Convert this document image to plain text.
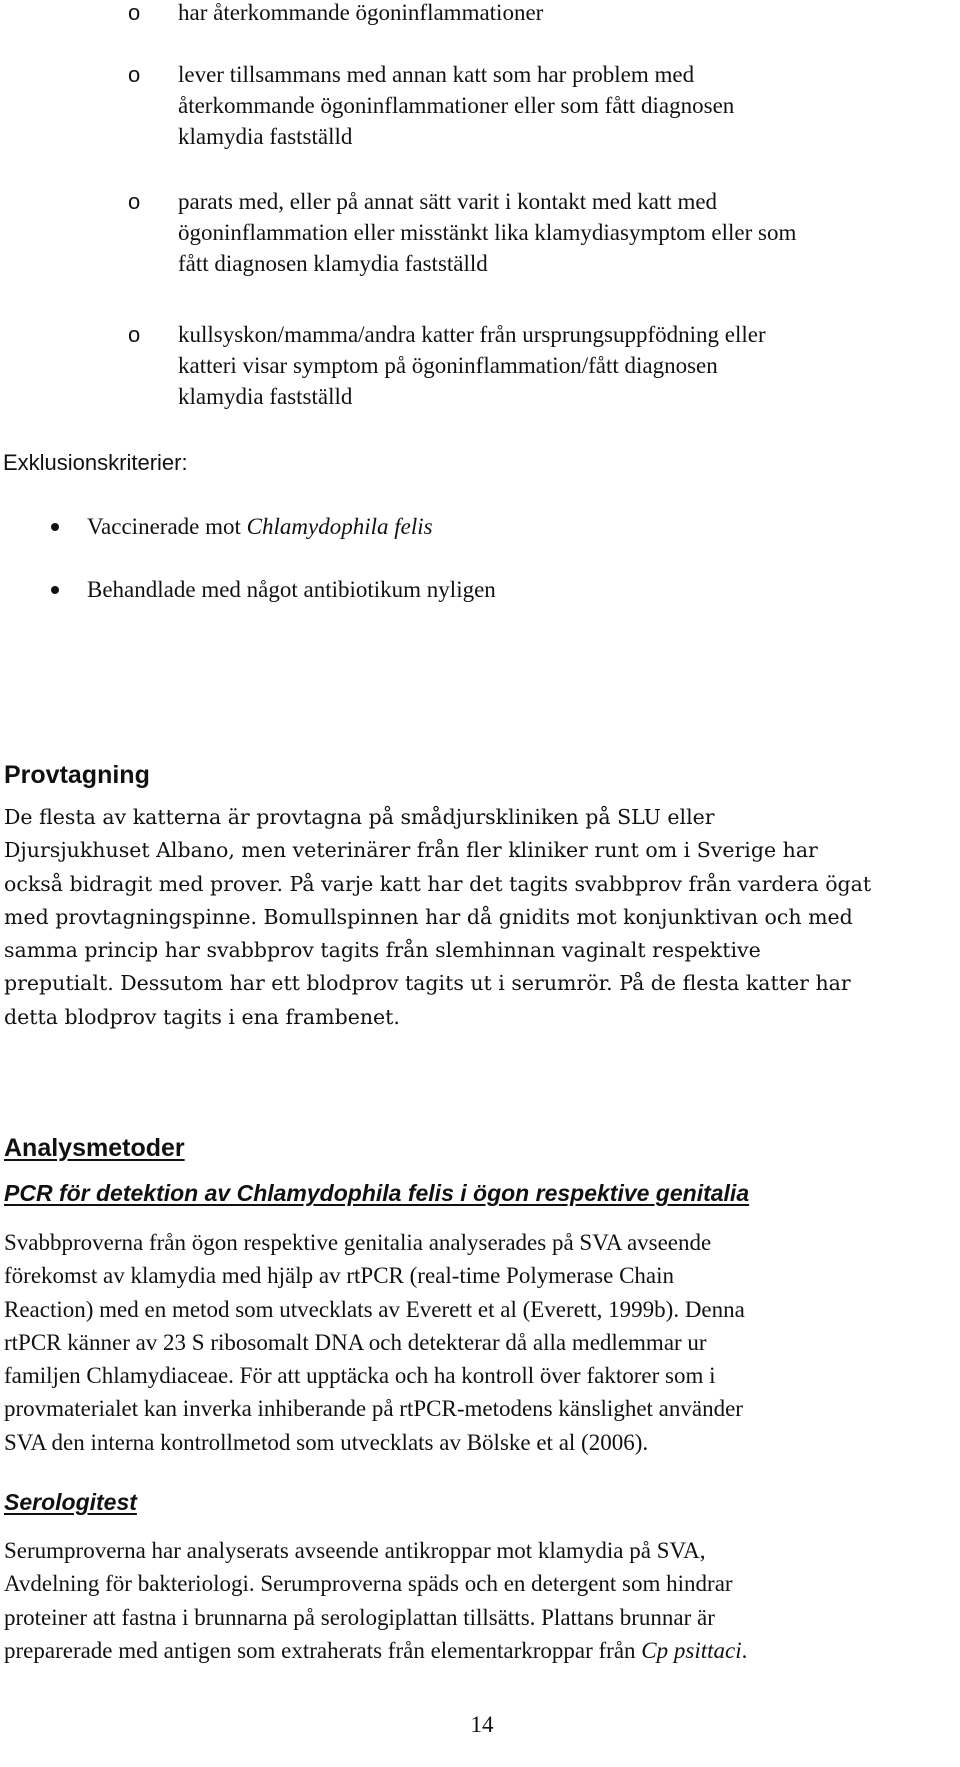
o har återkommande ögoninflammationer
o lever tillsammans med annan katt som har problem med
återkommande ögoninflammationer eller som fått diagnosen
klamydia fastställd
o parats med, eller på annat sätt varit i kontakt med katt med
ögoninflammation eller misstänkt lika klamydiasymptom eller som
fått diagnosen klamydia fastställd
o kullsyskon/mamma/andra katter från ursprungsuppfödning eller
katteri visar symptom på ögoninflammation/fått diagnosen
klamydia fastställd
Exklusionskriterier:
Vaccinerade mot Chlamydophila felis
Behandlade med något antibiotikum nyligen
Provtagning
De flesta av katterna är provtagna på smådjurskliniken på SLU eller
Djursjukhuset Albano, men veterinärer från fler kliniker runt om i Sverige har
också bidragit med prover. På varje katt har det tagits svabbprov från vardera ögat
med provtagningspinne. Bomullspinnen har då gnidits mot konjunktivan och med
samma princip har svabbprov tagits från slemhinnan vaginalt respektive
preputialt. Dessutom har ett blodprov tagits ut i serumrör. På de flesta katter har
detta blodprov tagits i ena frambenet.
Analysmetoder
PCR för detektion av Chlamydophila felis i ögon respektive genitalia
Svabbproverna från ögon respektive genitalia analyserades på SVA avseende
förekomst av klamydia med hjälp av rtPCR (real-time Polymerase Chain
Reaction) med en metod som utvecklats av Everett et al (Everett, 1999b). Denna
rtPCR känner av 23 S ribosomalt DNA och detekterar då alla medlemmar ur
familjen Chlamydiaceae. För att upptäcka och ha kontroll över faktorer som i
provmaterialet kan inverka inhiberande på rtPCR-metodens känslighet använder
SVA den interna kontrollmetod som utvecklats av Bölske et al (2006).
Serologitest
Serumproverna har analyserats avseende antikroppar mot klamydia på SVA,
Avdelning för bakteriologi. Serumproverna späds och en detergent som hindrar
proteiner att fastna i brunnarna på serologiplattan tillsätts. Plattans brunnar är
preparerade med antigen som extraherats från elementarkroppar från Cp psittaci.
14
